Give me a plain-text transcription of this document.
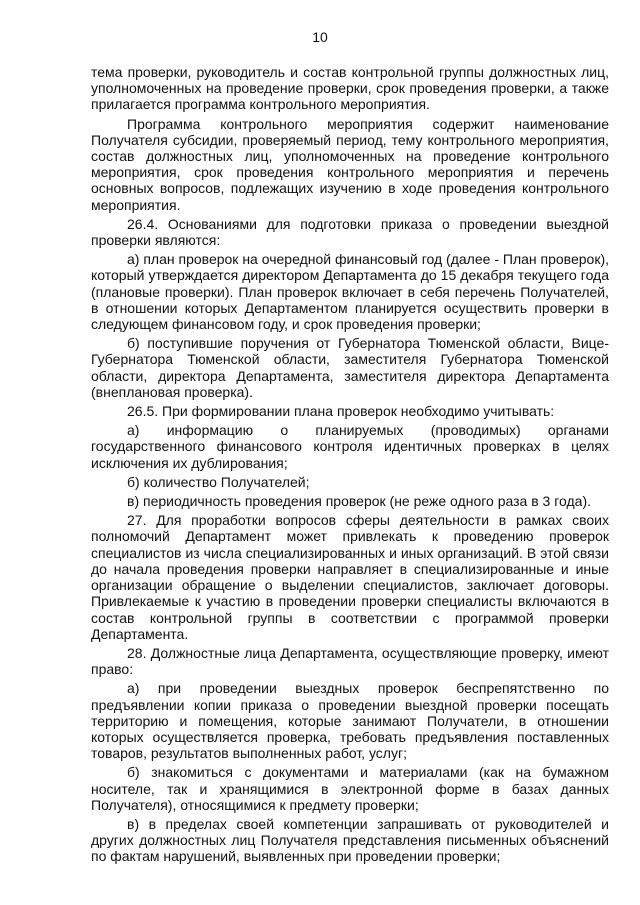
10

тема проверки, руководитель и состав контрольной группы должностных лиц, уполномоченных на проведение проверки, срок проведения проверки, а также прилагается программа контрольного мероприятия.

Программа контрольного мероприятия содержит наименование Получателя субсидии, проверяемый период, тему контрольного мероприятия, состав должностных лиц, уполномоченных на проведение контрольного мероприятия, срок проведения контрольного мероприятия и перечень основных вопросов, подлежащих изучению в ходе проведения контрольного мероприятия.

26.4. Основаниями для подготовки приказа о проведении выездной проверки являются:

а) план проверок на очередной финансовый год (далее - План проверок), который утверждается директором Департамента до 15 декабря текущего года (плановые проверки). План проверок включает в себя перечень Получателей, в отношении которых Департаментом планируется осуществить проверки в следующем финансовом году, и срок проведения проверки;

б) поступившие поручения от Губернатора Тюменской области, Вице-Губернатора Тюменской области, заместителя Губернатора Тюменской области, директора Департамента, заместителя директора Департамента (внеплановая проверка).

26.5. При формировании плана проверок необходимо учитывать:

а) информацию о планируемых (проводимых) органами государственного финансового контроля идентичных проверках в целях исключения их дублирования;

б) количество Получателей;

в) периодичность проведения проверок (не реже одного раза в 3 года).

27. Для проработки вопросов сферы деятельности в рамках своих полномочий Департамент может привлекать к проведению проверок специалистов из числа специализированных и иных организаций. В этой связи до начала проведения проверки направляет в специализированные и иные организации обращение о выделении специалистов, заключает договоры. Привлекаемые к участию в проведении проверки специалисты включаются в состав контрольной группы в соответствии с программой проверки Департамента.

28. Должностные лица Департамента, осуществляющие проверку, имеют право:

а) при проведении выездных проверок беспрепятственно по предъявлении копии приказа о проведении выездной проверки посещать территорию и помещения, которые занимают Получатели, в отношении которых осуществляется проверка, требовать предъявления поставленных товаров, результатов выполненных работ, услуг;

б) знакомиться с документами и материалами (как на бумажном носителе, так и хранящимися в электронной форме в базах данных Получателя), относящимися к предмету проверки;

в) в пределах своей компетенции запрашивать от руководителей и других должностных лиц Получателя представления письменных объяснений по фактам нарушений, выявленных при проведении проверки;
